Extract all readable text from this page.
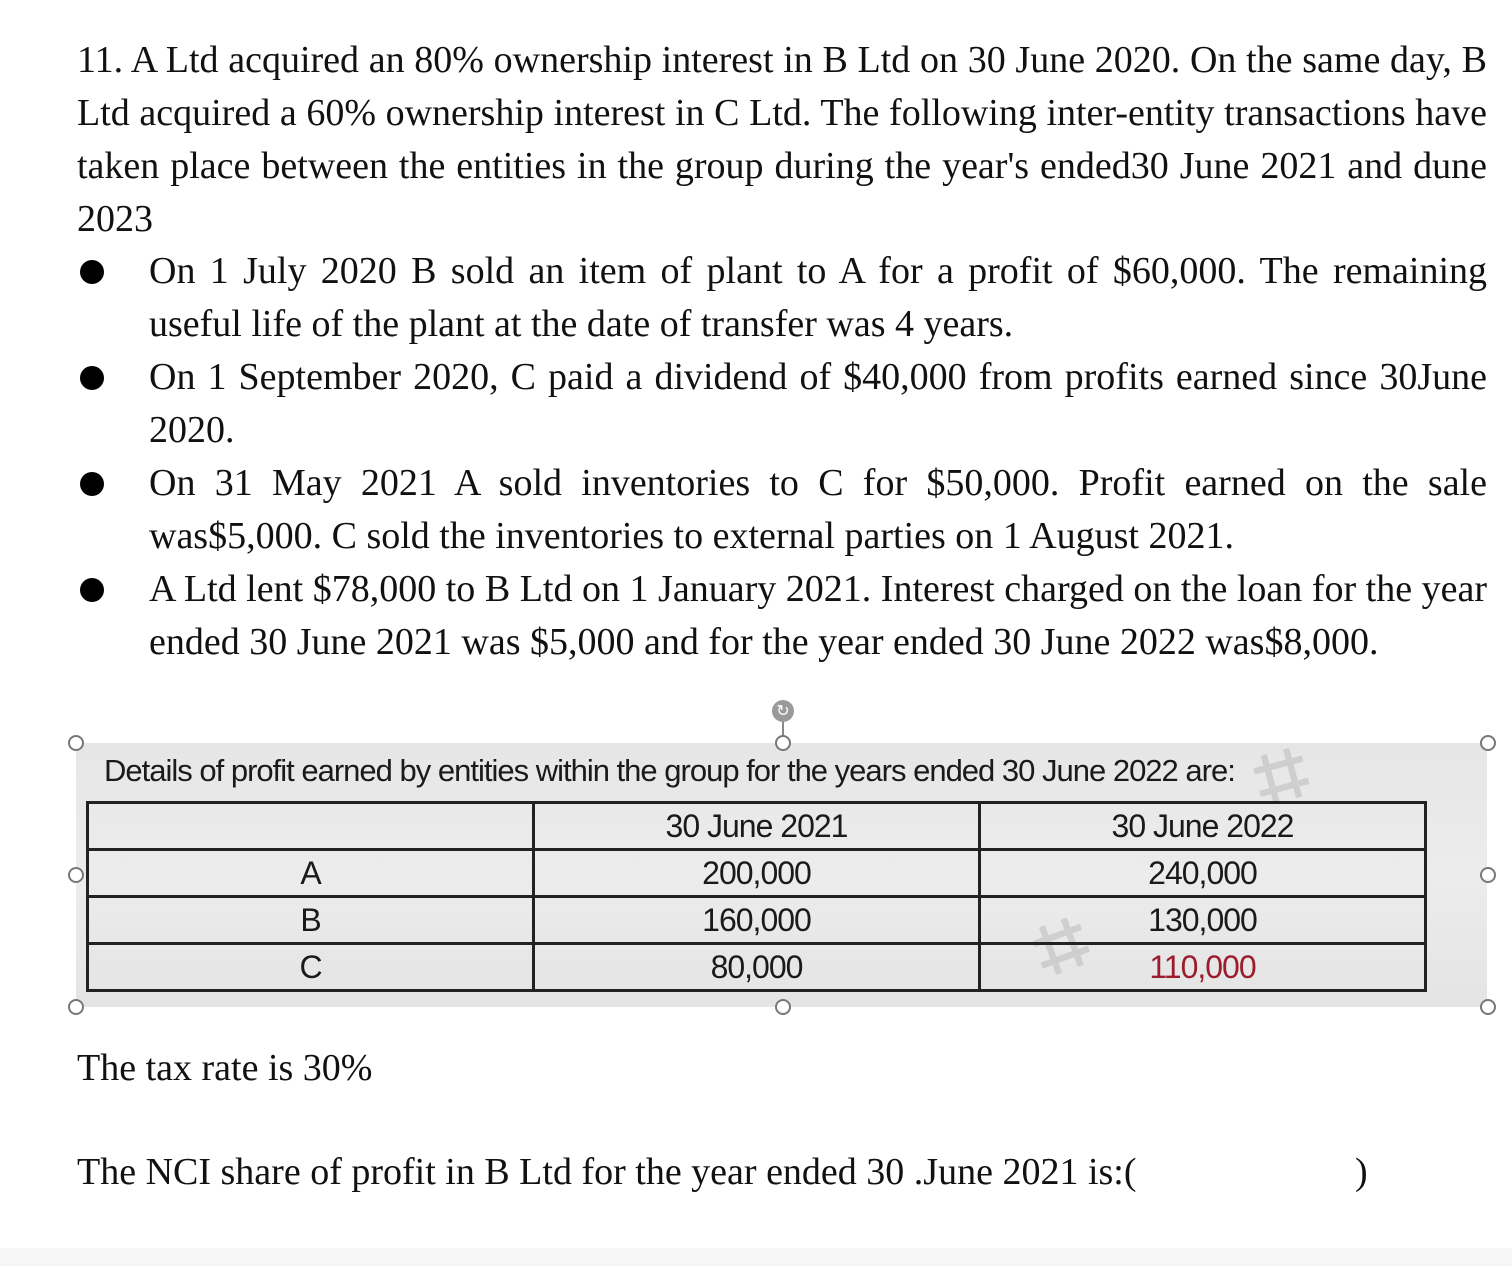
11. A Ltd acquired an 80% ownership interest in B Ltd on 30 June 2020. On the same day, B Ltd acquired a 60% ownership interest in C Ltd. The following inter-entity transactions have taken place between the entities in the group during the year's ended30 June 2021 and dune 2023
On 1 July 2020 B sold an item of plant to A for a profit of $60,000. The remaining useful life of the plant at the date of transfer was 4 years.
On 1 September 2020, C paid a dividend of $40,000 from profits earned since 30June 2020.
On 31 May 2021 A sold inventories to C for $50,000. Profit earned on the sale was$5,000. C sold the inventories to external parties on 1 August 2021.
A Ltd lent $78,000 to B Ltd on 1 January 2021. Interest charged on the loan for the year ended 30 June 2021 was $5,000 and for the year ended 30 June 2022 was$8,000.
↻
⌗
⌗
Details of profit earned by entities within the group for the years ended 30 June 2022 are:
	30 June 2021	30 June 2022
A	200,000	240,000
B	160,000	130,000
C	80,000	110,000
The tax rate is 30%
The NCI share of profit in B Ltd for the year ended 30 .June 2021 is:(	)
